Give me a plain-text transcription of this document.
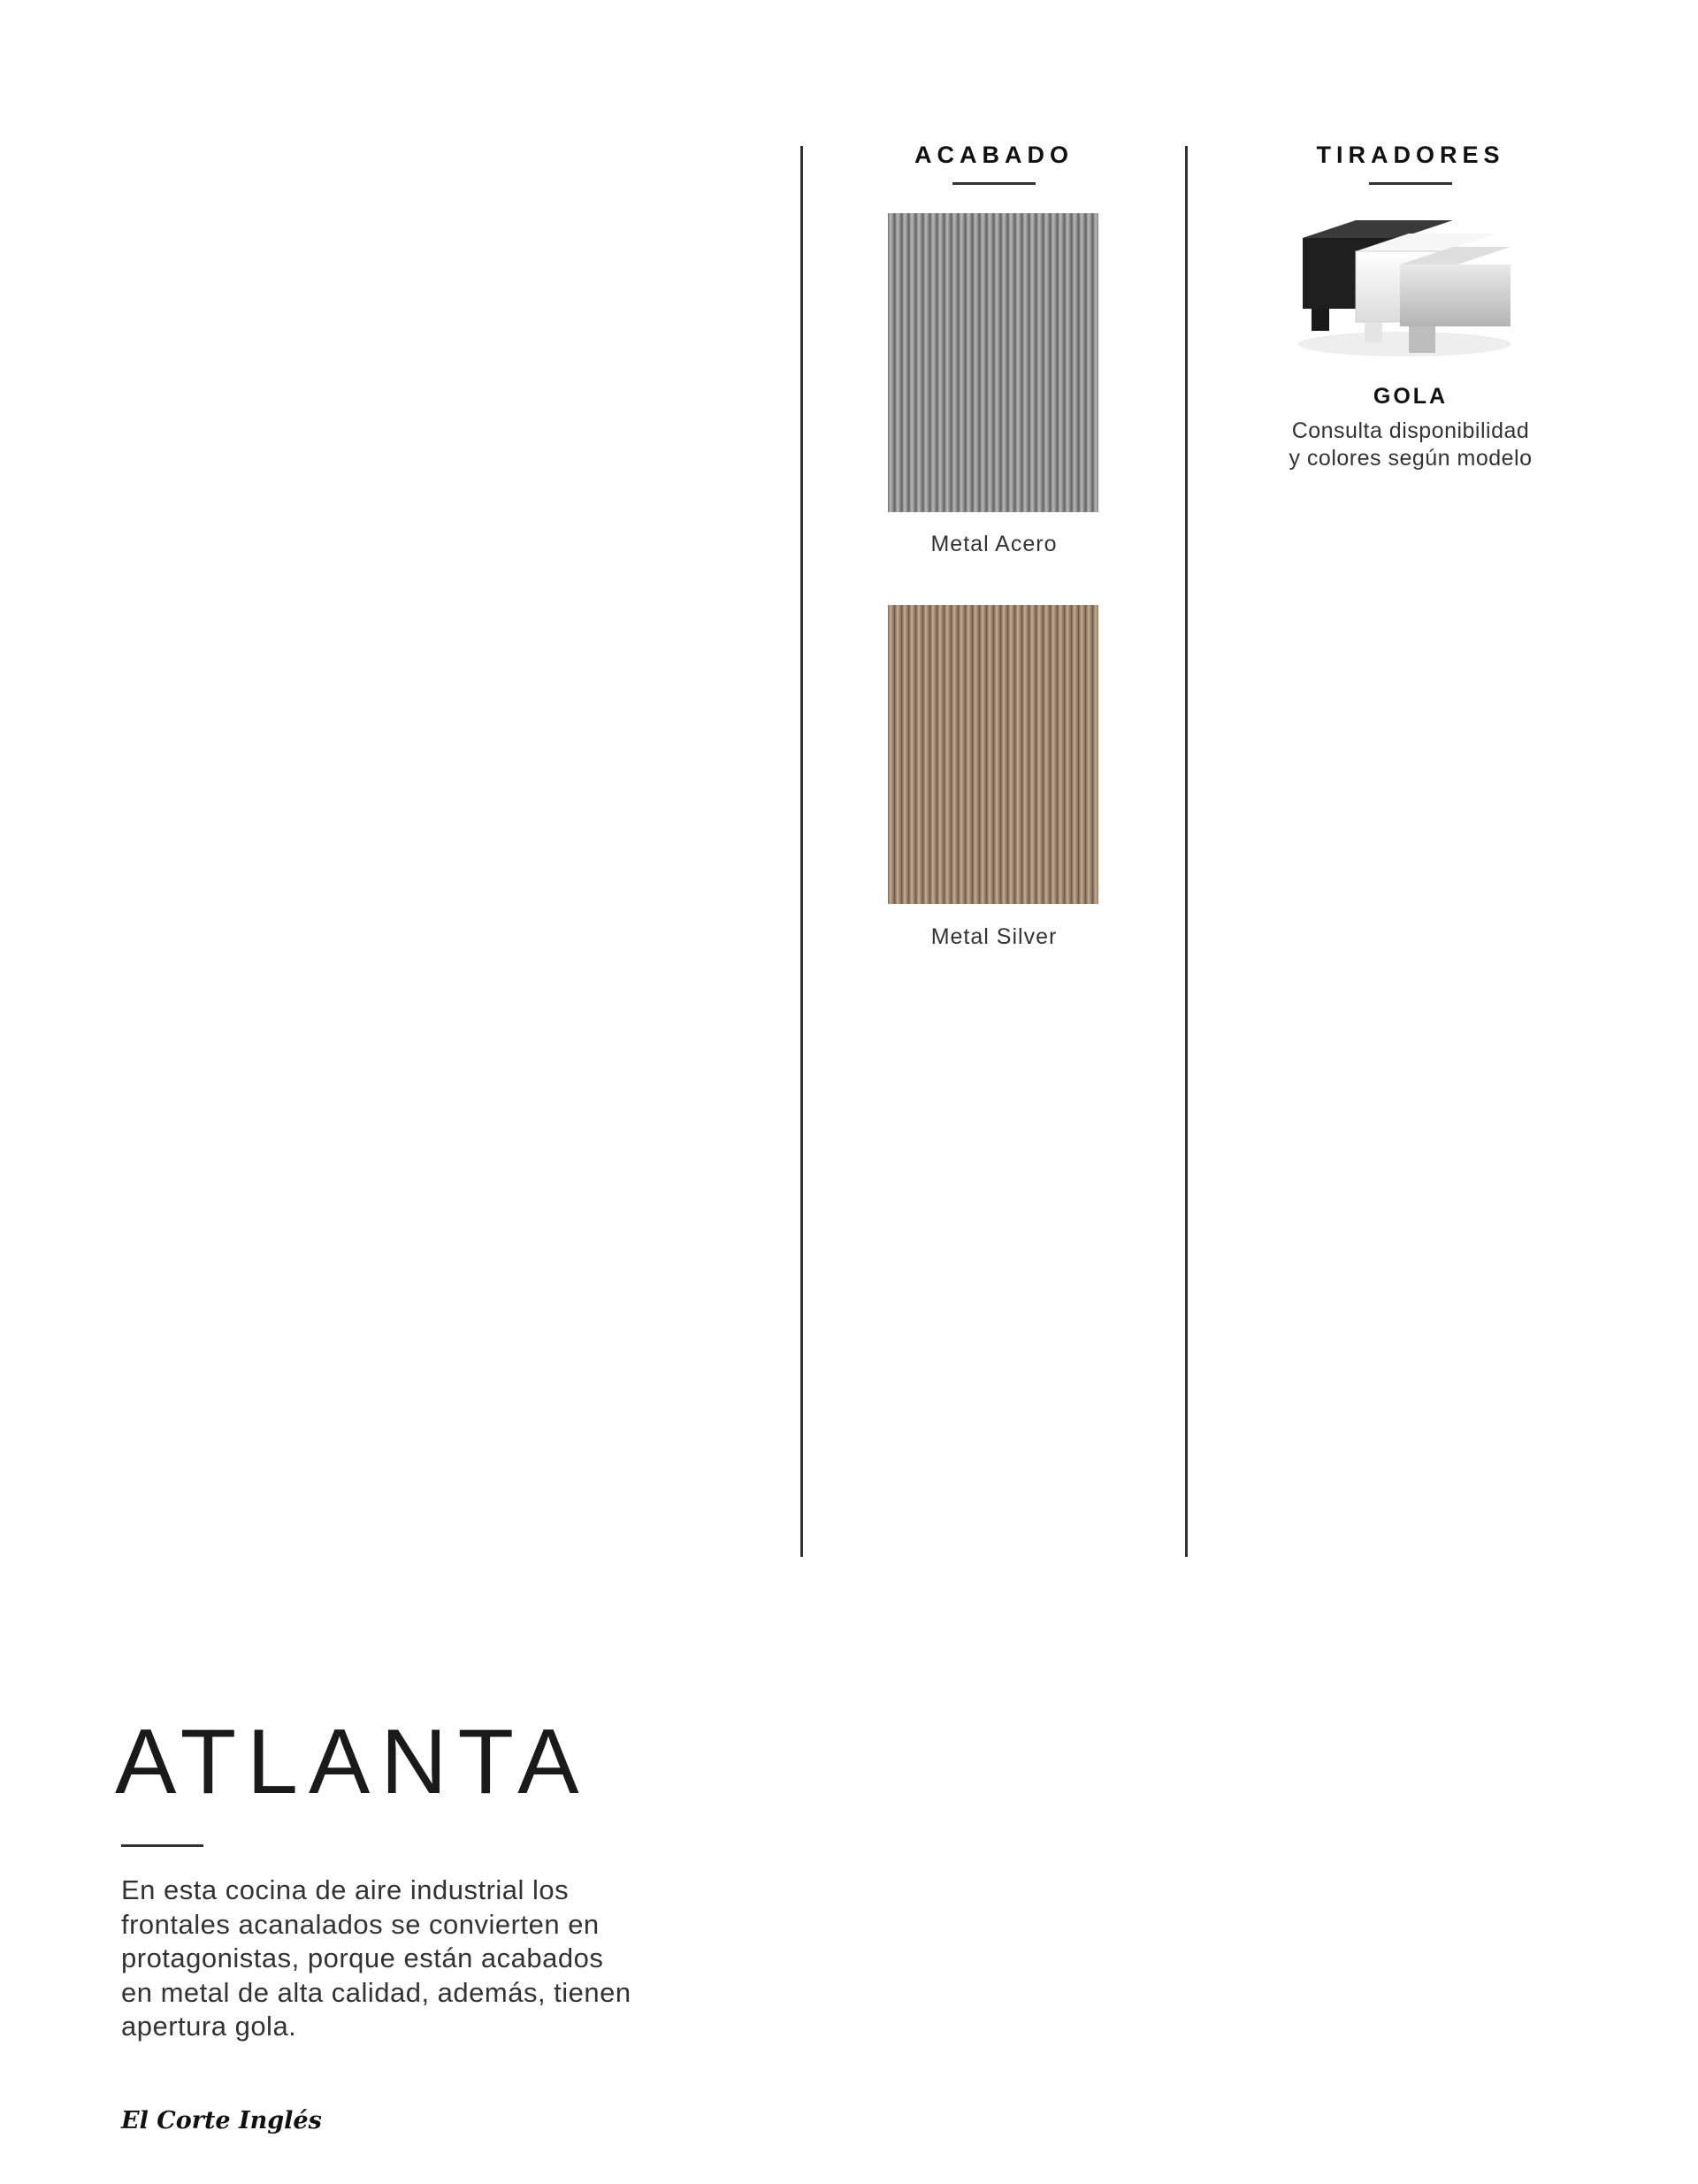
ACABADO
Metal Acero
Metal Silver
TIRADORES
GOLA
Consulta disponibilidad
y colores según modelo
ATLANTA

En esta cocina de aire industrial los frontales acanalados se convierten en protagonistas, porque están acabados en metal de alta calidad, además, tienen apertura gola.

El Corte Inglés
